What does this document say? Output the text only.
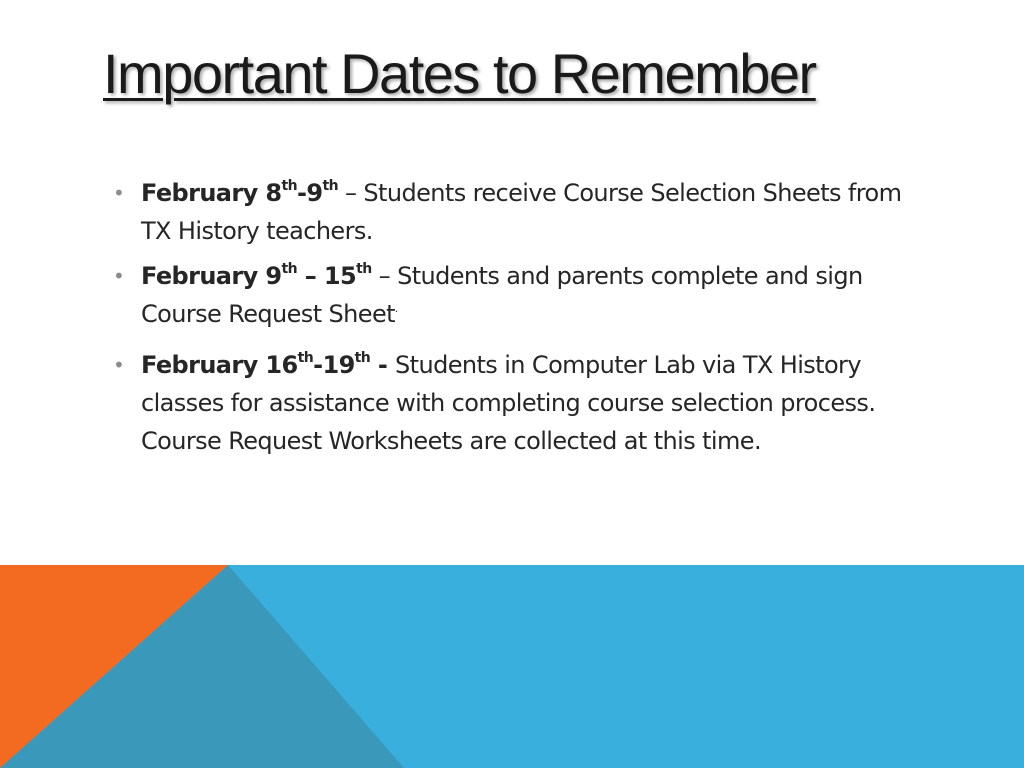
Important Dates to Remember
• February 8th-9th – Students receive Course Selection Sheets from TX History teachers.
• February 9th – 15th – Students and parents complete and sign Course Request Sheet.
• February 16th-19th - Students in Computer Lab via TX History classes for assistance with completing course selection process. Course Request Worksheets are collected at this time.
